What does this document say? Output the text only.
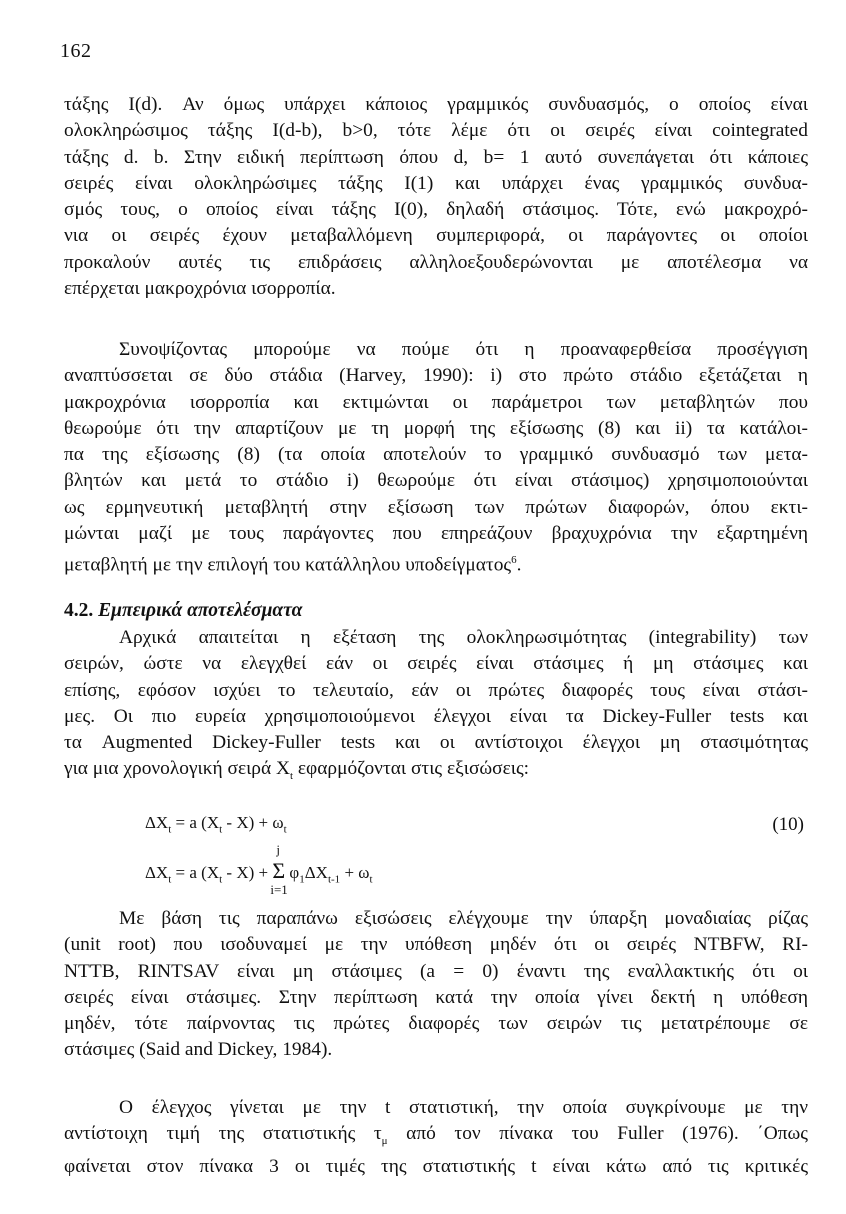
162
τάξης I(d). Αν όμως υπάρχει κάποιος γραμμικός συνδυασμός, ο οποίος είναι
ολοκληρώσιμος τάξης I(d-b), b>0, τότε λέμε ότι οι σειρές είναι cointegrated
τάξης d. b. Στην ειδική περίπτωση όπου d, b= 1 αυτό συνεπάγεται ότι κάποιες
σειρές είναι ολοκληρώσιμες τάξης I(1) και υπάρχει ένας γραμμικός συνδυα-
σμός τους, ο οποίος είναι τάξης I(0), δηλαδή στάσιμος. Τότε, ενώ μακροχρό-
νια οι σειρές έχουν μεταβαλλόμενη συμπεριφορά, οι παράγοντες οι οποίοι
προκαλούν αυτές τις επιδράσεις αλληλοεξουδερώνονται με αποτέλεσμα να
επέρχεται μακροχρόνια ισορροπία.
Συνοψίζοντας μπορούμε να πούμε ότι η προαναφερθείσα προσέγγιση
αναπτύσσεται σε δύο στάδια (Harvey, 1990): i) στο πρώτο στάδιο εξετάζεται η
μακροχρόνια ισορροπία και εκτιμώνται οι παράμετροι των μεταβλητών που
θεωρούμε ότι την απαρτίζουν με τη μορφή της εξίσωσης (8) και ii) τα κατάλοι-
πα της εξίσωσης (8) (τα οποία αποτελούν το γραμμικό συνδυασμό των μετα-
βλητών και μετά το στάδιο i) θεωρούμε ότι είναι στάσιμος) χρησιμοποιούνται
ως ερμηνευτική μεταβλητή στην εξίσωση των πρώτων διαφορών, όπου εκτι-
μώνται μαζί με τους παράγοντες που επηρεάζουν βραχυχρόνια την εξαρτημένη
μεταβλητή με την επιλογή του κατάλληλου υποδείγματος$^6$.
4.2. Εμπειρικά αποτελέσματα
Αρχικά απαιτείται η εξέταση της ολοκληρωσιμότητας (integrability) των
σειρών, ώστε να ελεγχθεί εάν οι σειρές είναι στάσιμες ή μη στάσιμες και
επίσης, εφόσον ισχύει το τελευταίο, εάν οι πρώτες διαφορές τους είναι στάσι-
μες. Οι πιο ευρεία χρησιμοποιούμενοι έλεγχοι είναι τα Dickey-Fuller tests και
τα Augmented Dickey-Fuller tests και οι αντίστοιχοι έλεγχοι μη στασιμότητας
για μια χρονολογική σειρά $X_t$ εφαρμόζονται στις εξισώσεις:
$\Delta X_t = a$ $(X_t - X) + \omega_t$	(10)
$\Delta X_t = a$ $(X_t - X)$ +
j
Σ
i=1
$\varphi_1\Delta X_{t-1} + \omega_t$
Με βάση τις παραπάνω εξισώσεις ελέγχουμε την ύπαρξη μοναδιαίας ρίζας
(unit root) που ισοδυναμεί με την υπόθεση μηδέν ότι οι σειρές NTBFW, RI-
NTTB, RINTSAV είναι μη στάσιμες (a = 0) έναντι της εναλλακτικής ότι οι
σειρές είναι στάσιμες. Στην περίπτωση κατά την οποία γίνει δεκτή η υπόθεση
μηδέν, τότε παίρνοντας τις πρώτες διαφορές των σειρών τις μετατρέπουμε σε
στάσιμες (Said and Dickey, 1984).
Ο έλεγχος γίνεται με την t στατιστική, την οποία συγκρίνουμε με την
αντίστοιχη τιμή της στατιστικής $\tau_\mu$ από τον πίνακα του Fuller (1976). ΄Οπως
φαίνεται στον πίνακα 3 οι τιμές της στατιστικής t είναι κάτω από τις κριτικές
